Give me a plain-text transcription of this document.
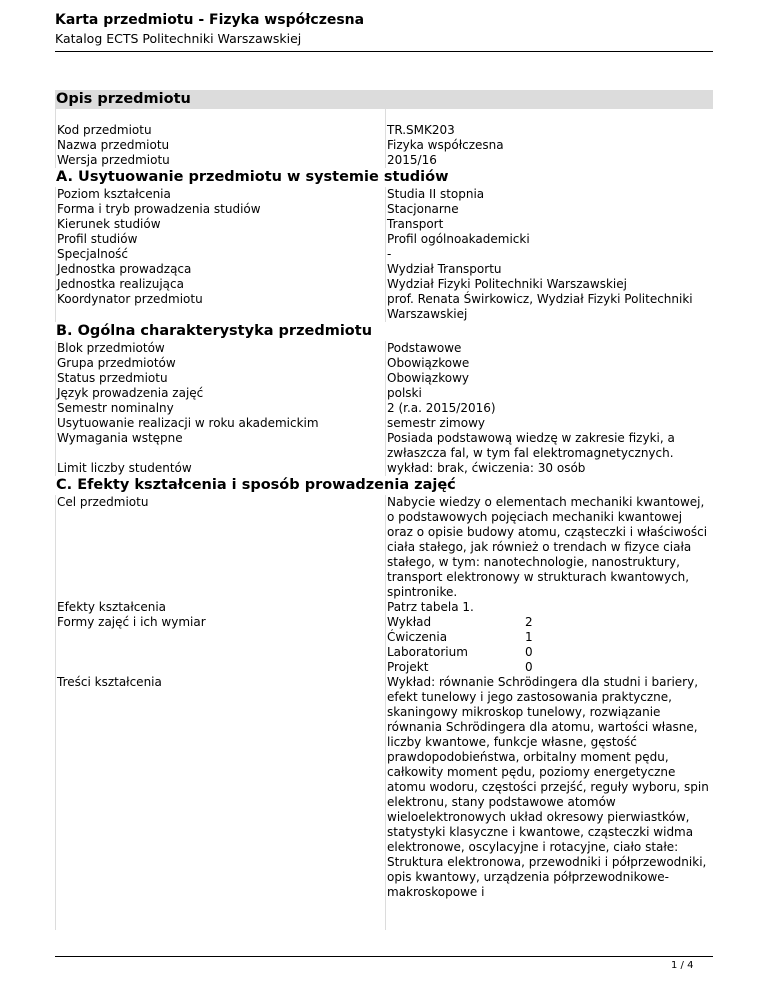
Karta przedmiotu - Fizyka współczesna
Katalog ECTS Politechniki Warszawskiej
Opis przedmiotu
Kod przedmiotu	TR.SMK203
Nazwa przedmiotu	Fizyka współczesna
Wersja przedmiotu	2015/16
A. Usytuowanie przedmiotu w systemie studiów
Poziom kształcenia	Studia II stopnia
Forma i tryb prowadzenia studiów	Stacjonarne
Kierunek studiów	Transport
Profil studiów	Profil ogólnoakademicki
Specjalność	-
Jednostka prowadząca	Wydział Transportu
Jednostka realizująca	Wydział Fizyki Politechniki Warszawskiej
Koordynator przedmiotu	prof. Renata Świrkowicz, Wydział Fizyki Politechniki Warszawskiej
B. Ogólna charakterystyka przedmiotu
Blok przedmiotów	Podstawowe
Grupa przedmiotów	Obowiązkowe
Status przedmiotu	Obowiązkowy
Język prowadzenia zajęć	polski
Semestr nominalny	2 (r.a. 2015/2016)
Usytuowanie realizacji w roku akademickim	semestr zimowy
Wymagania wstępne	Posiada podstawową wiedzę w zakresie fizyki, a zwłaszcza fal, w tym fal elektromagnetycznych.
Limit liczby studentów	wykład: brak, ćwiczenia: 30 osób
C. Efekty kształcenia i sposób prowadzenia zajęć
Cel przedmiotu	Nabycie wiedzy o elementach mechaniki kwantowej, o podstawowych pojęciach mechaniki kwantowej oraz o opisie budowy atomu, cząsteczki i właściwości ciała stałego, jak również o trendach w fizyce ciała stałego, w tym: nanotechnologie, nanostruktury, transport elektronowy w strukturach kwantowych, spintronike.
Efekty kształcenia	Patrz tabela 1.
Formy zajęć i ich wymiar	Wykład	2
Ćwiczenia	1
Laboratorium	0
Projekt	0
Treści kształcenia	Wykład: równanie Schrödingera dla studni i bariery, efekt tunelowy i jego zastosowania praktyczne, skaningowy mikroskop tunelowy, rozwiązanie równania Schrödingera dla atomu, wartości własne, liczby kwantowe, funkcje własne, gęstość prawdopodobieństwa, orbitalny moment pędu, całkowity moment pędu, poziomy energetyczne atomu wodoru, częstości przejść, reguły wyboru, spin elektronu, stany podstawowe atomów wieloelektronowych układ okresowy pierwiastków, statystyki klasyczne i kwantowe, cząsteczki widma elektronowe, oscylacyjne i rotacyjne, ciało stałe: Struktura elektronowa, przewodniki i półprzewodniki, opis kwantowy, urządzenia półprzewodnikowe- makroskopowe i
1 / 4
